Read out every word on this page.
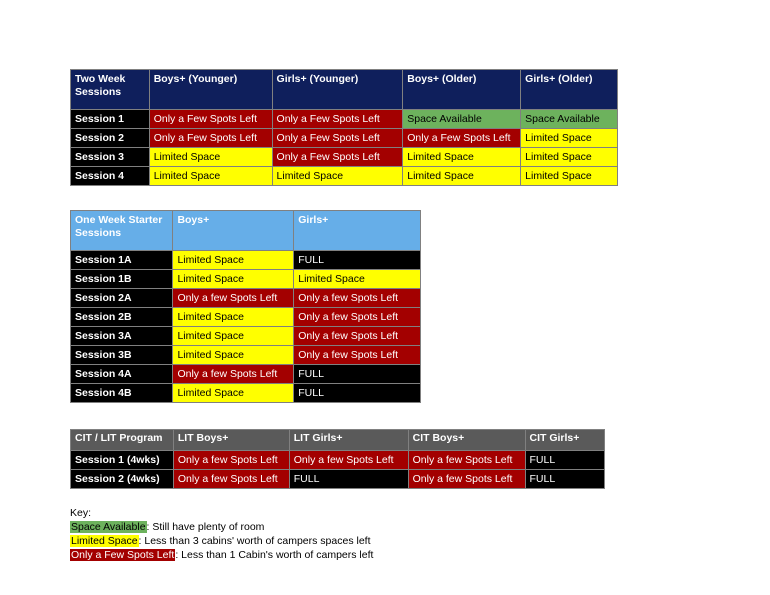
Two Week Sessions	Boys+ (Younger)	Girls+ (Younger)	Boys+ (Older)	Girls+ (Older)
Session 1	Only a Few Spots Left	Only a Few Spots Left	Space Available	Space Available
Session 2	Only a Few Spots Left	Only a Few Spots Left	Only a Few Spots Left	Limited Space
Session 3	Limited Space	Only a Few Spots Left	Limited Space	Limited Space
Session 4	Limited Space	Limited Space	Limited Space	Limited Space
One Week Starter Sessions	Boys+	Girls+
Session 1A	Limited Space	FULL
Session 1B	Limited Space	Limited Space
Session 2A	Only a few Spots Left	Only a few Spots Left
Session 2B	Limited Space	Only a few Spots Left
Session 3A	Limited Space	Only a few Spots Left
Session 3B	Limited Space	Only a few Spots Left
Session 4A	Only a few Spots Left	FULL
Session 4B	Limited Space	FULL
CIT / LIT Program	LIT Boys+	LIT Girls+	CIT Boys+	CIT Girls+
Session 1 (4wks)	Only a few Spots Left	Only a few Spots Left	Only a few Spots Left	FULL
Session 2 (4wks)	Only a few Spots Left	FULL	Only a few Spots Left	FULL
Key:
Space Available: Still have plenty of room
Limited Space: Less than 3 cabins' worth of campers spaces left
Only a Few Spots Left: Less than 1 Cabin's worth of campers left
